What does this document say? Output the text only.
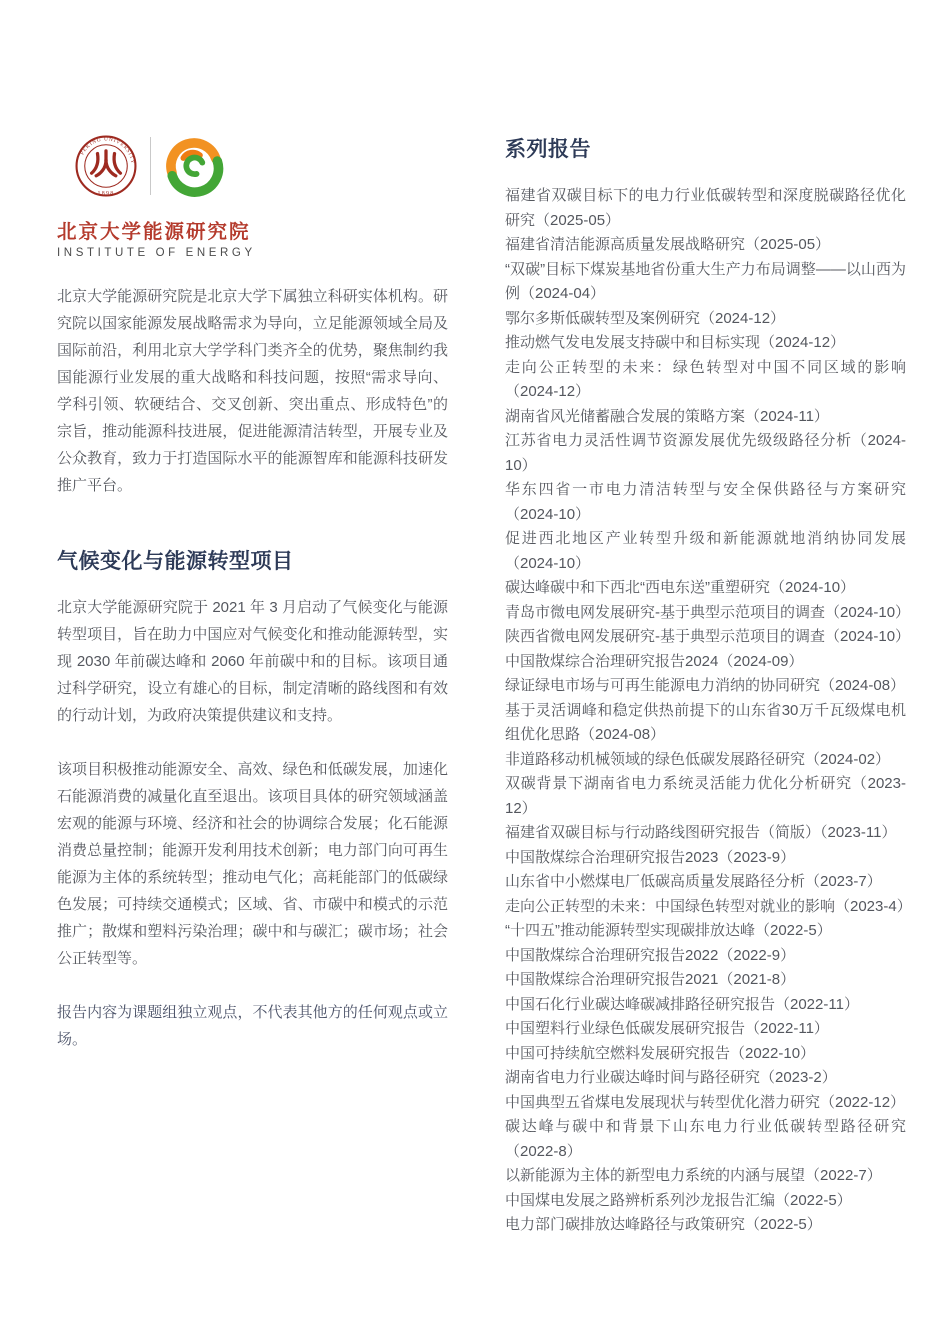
PEKING UNIVERSITY
1898
北京大学能源研究院
INSTITUTE OF ENERGY

北京大学能源研究院是北京大学下属独立科研实体机构。研究院以国家能源发展战略需求为导向，立足能源领域全局及国际前沿，利用北京大学学科门类齐全的优势，聚焦制约我国能源行业发展的重大战略和科技问题，按照“需求导向、学科引领、软硬结合、交叉创新、突出重点、形成特色”的宗旨，推动能源科技进展，促进能源清洁转型，开展专业及公众教育，致力于打造国际水平的能源智库和能源科技研发推广平台。

气候变化与能源转型项目

北京大学能源研究院于 2021 年 3 月启动了气候变化与能源转型项目，旨在助力中国应对气候变化和推动能源转型，实现 2030 年前碳达峰和 2060 年前碳中和的目标。该项目通过科学研究，设立有雄心的目标，制定清晰的路线图和有效的行动计划，为政府决策提供建议和支持。

该项目积极推动能源安全、高效、绿色和低碳发展，加速化石能源消费的减量化直至退出。该项目具体的研究领域涵盖宏观的能源与环境、经济和社会的协调综合发展；化石能源消费总量控制；能源开发利用技术创新；电力部门向可再生能源为主体的系统转型；推动电气化；高耗能部门的低碳绿色发展；可持续交通模式；区域、省、市碳中和模式的示范推广；散煤和塑料污染治理；碳中和与碳汇；碳市场；社会公正转型等。

报告内容为课题组独立观点，不代表其他方的任何观点或立场。

系列报告
福建省双碳目标下的电力行业低碳转型和深度脱碳路径优化研究（2025-05）
福建省清洁能源高质量发展战略研究（2025-05）
“双碳”目标下煤炭基地省份重大生产力布局调整——以山西为例（2024-04）
鄂尔多斯低碳转型及案例研究（2024-12）
推动燃气发电发展支持碳中和目标实现（2024-12）
走向公正转型的未来：绿色转型对中国不同区域的影响（2024-12）
湖南省风光储蓄融合发展的策略方案（2024-11）
江苏省电力灵活性调节资源发展优先级级路径分析（2024-10）
华东四省一市电力清洁转型与安全保供路径与方案研究（2024-10）
促进西北地区产业转型升级和新能源就地消纳协同发展（2024-10）
碳达峰碳中和下西北“西电东送”重塑研究（2024-10）
青岛市微电网发展研究-基于典型示范项目的调查（2024-10）
陕西省微电网发展研究-基于典型示范项目的调查（2024-10）
中国散煤综合治理研究报告2024（2024-09）
绿证绿电市场与可再生能源电力消纳的协同研究（2024-08）
基于灵活调峰和稳定供热前提下的山东省30万千瓦级煤电机组优化思路（2024-08）
非道路移动机械领域的绿色低碳发展路径研究（2024-02）
双碳背景下湖南省电力系统灵活能力优化分析研究（2023-12）
福建省双碳目标与行动路线图研究报告（简版）（2023-11）
中国散煤综合治理研究报告2023（2023-9）
山东省中小燃煤电厂低碳高质量发展路径分析（2023-7）
走向公正转型的未来：中国绿色转型对就业的影响（2023-4）
“十四五”推动能源转型实现碳排放达峰（2022-5）
中国散煤综合治理研究报告2022（2022-9）
中国散煤综合治理研究报告2021（2021-8）
中国石化行业碳达峰碳减排路径研究报告（2022-11）
中国塑料行业绿色低碳发展研究报告（2022-11）
中国可持续航空燃料发展研究报告（2022-10）
湖南省电力行业碳达峰时间与路径研究（2023-2）
中国典型五省煤电发展现状与转型优化潜力研究（2022-12）
碳达峰与碳中和背景下山东电力行业低碳转型路径研究（2022-8）
以新能源为主体的新型电力系统的内涵与展望（2022-7）
中国煤电发展之路辨析系列沙龙报告汇编（2022-5）
电力部门碳排放达峰路径与政策研究（2022-5）
